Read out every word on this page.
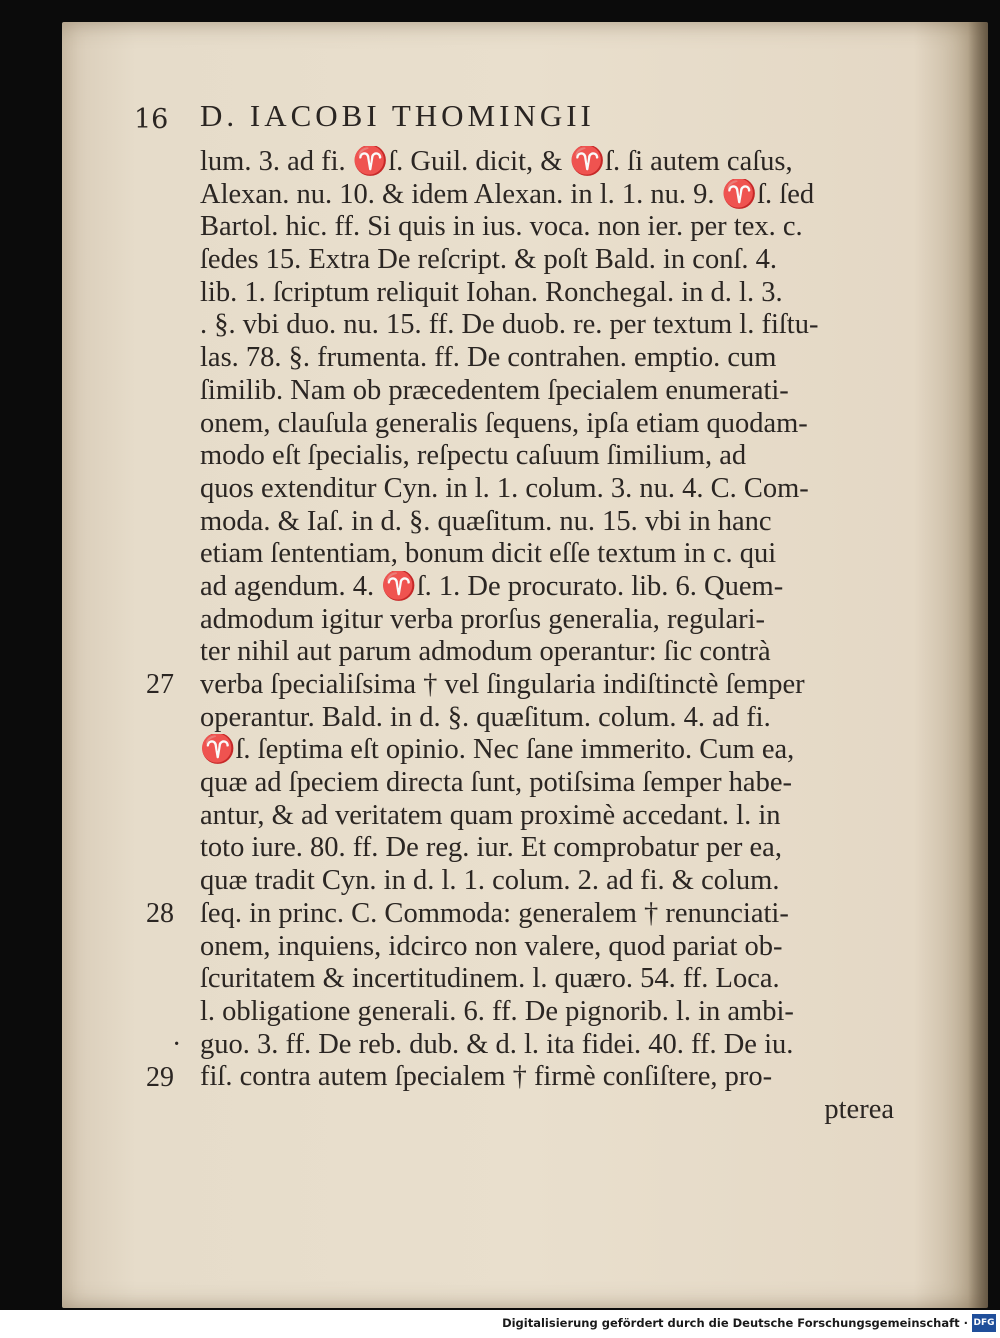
16 D. IACOBI THOMINGII
lum. 3. ad fi. ♈ſ. Guil. dicit, & ♈ſ. ſi autem caſus,
Alexan. nu. 10. & idem Alexan. in l. 1. nu. 9. ♈ſ. ſed
Bartol. hic. ff. Si quis in ius. voca. non ier. per tex. c.
ſedes 15. Extra De reſcript. & poſt Bald. in conſ. 4.
lib. 1. ſcriptum reliquit Iohan. Ronchegal. in d. l. 3.
. §. vbi duo. nu. 15. ff. De duob. re. per textum l. fiſtu-
las. 78. §. frumenta. ff. De contrahen. emptio. cum
ſimilib. Nam ob præcedentem ſpecialem enumerati-
onem, clauſula generalis ſequens, ipſa etiam quodam-
modo eſt ſpecialis, reſpectu caſuum ſimilium, ad
quos extenditur Cyn. in l. 1. colum. 3. nu. 4. C. Com-
moda. & Iaſ. in d. §. quæſitum. nu. 15. vbi in hanc
etiam ſententiam, bonum dicit eſſe textum in c. qui
ad agendum. 4. ♈ſ. 1. De procurato. lib. 6. Quem-
admodum igitur verba prorſus generalia, regulari-
ter nihil aut parum admodum operantur: ſic contrà
verba ſpecialiſsima † vel ſingularia indiſtinctè ſemper
operantur. Bald. in d. §. quæſitum. colum. 4. ad fi.
♈ſ. ſeptima eſt opinio. Nec ſane immerito. Cum ea,
quæ ad ſpeciem directa ſunt, potiſsima ſemper habe-
antur, & ad veritatem quam proximè accedant. l. in
toto iure. 80. ff. De reg. iur. Et comprobatur per ea,
quæ tradit Cyn. in d. l. 1. colum. 2. ad fi. & colum.
ſeq. in princ. C. Commoda: generalem † renunciati-
onem, inquiens, idcirco non valere, quod pariat ob-
ſcuritatem & incertitudinem. l. quæro. 54. ff. Loca.
l. obligatione generali. 6. ff. De pignorib. l. in ambi-
guo. 3. ff. De reb. dub. & d. l. ita fidei. 40. ff. De iu.
fiſ. contra autem ſpecialem † firmè conſiſtere, pro-
pterea
27
28
·
29
Digitalisierung gefördert durch die Deutsche Forschungsgemeinschaft · DFG
